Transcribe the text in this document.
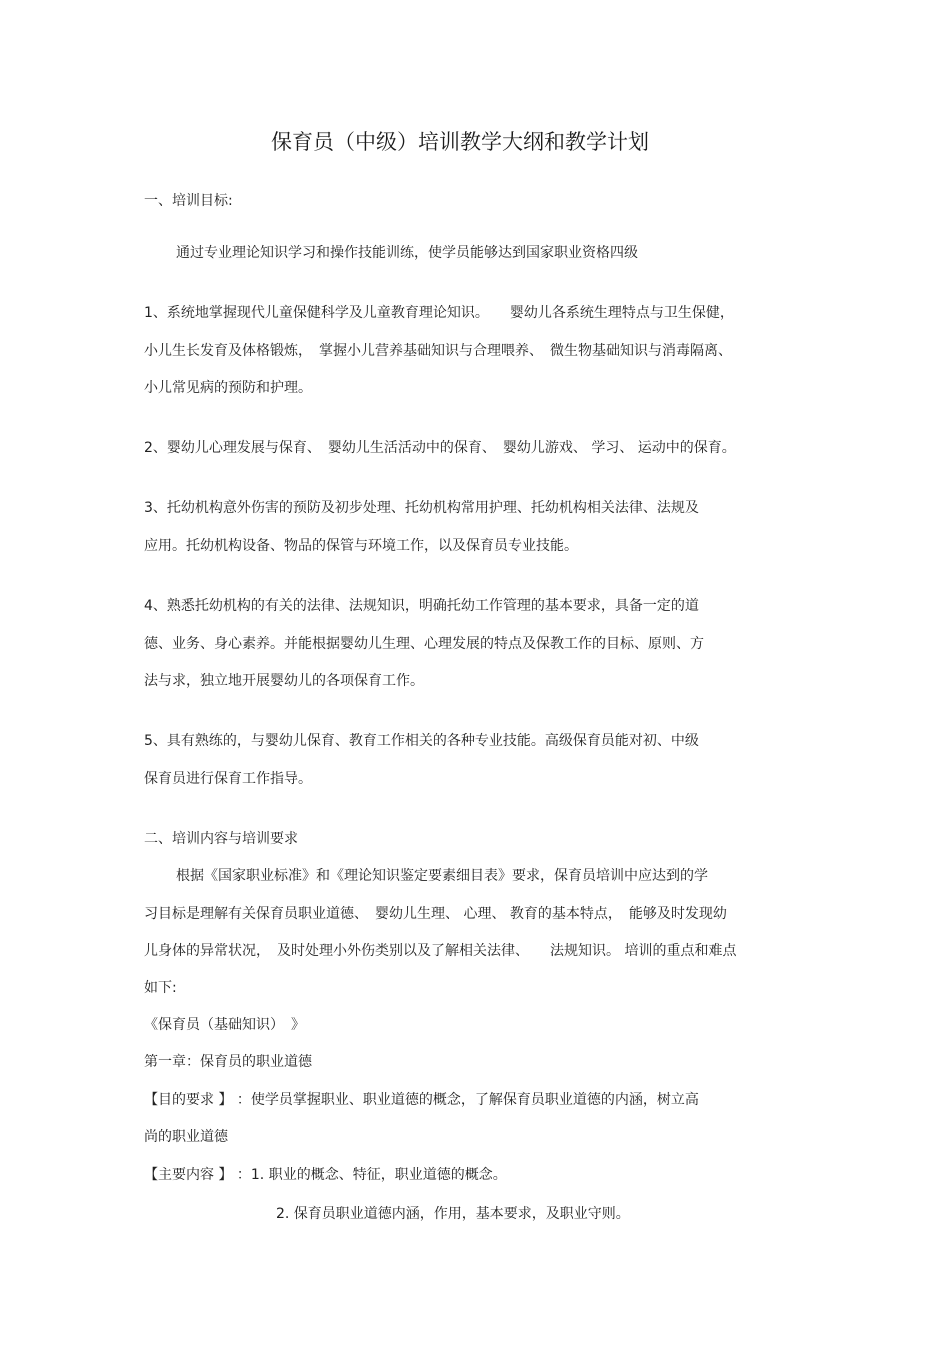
保育员（中级）培训教学大纲和教学计划
一、培训目标:
通过专业理论知识学习和操作技能训练，使学员能够达到国家职业资格四级
1、系统地掌握现代儿童保健科学及儿童教育理论知识。　　婴幼儿各系统生理特点与卫生保健，
小儿生长发育及体格锻炼，　掌握小儿营养基础知识与合理喂养、　微生物基础知识与消毒隔离、
小儿常见病的预防和护理。
2、婴幼儿心理发展与保育、　婴幼儿生活活动中的保育、　婴幼儿游戏、 学习、 运动中的保育。
3、托幼机构意外伤害的预防及初步处理、托幼机构常用护理、托幼机构相关法律、法规及
应用。托幼机构设备、物品的保管与环境工作，以及保育员专业技能。
4、熟悉托幼机构的有关的法律、法规知识，明确托幼工作管理的基本要求，具备一定的道
德、业务、身心素养。并能根据婴幼儿生理、心理发展的特点及保教工作的目标、原则、方
法与求，独立地开展婴幼儿的各项保育工作。
5、具有熟练的，与婴幼儿保育、教育工作相关的各种专业技能。高级保育员能对初、中级
保育员进行保育工作指导。
二、培训内容与培训要求
根据《国家职业标准》和《理论知识鉴定要素细目表》要求，保育员培训中应达到的学
习目标是理解有关保育员职业道德、　婴幼儿生理、 心理、 教育的基本特点，　能够及时发现幼
儿身体的异常状况，　及时处理小外伤类别以及了解相关法律、　　法规知识。 培训的重点和难点
如下:
《保育员（基础知识）　》
第一章：保育员的职业道德
【目的要求 】 ：使学员掌握职业、职业道德的概念，了解保育员职业道德的内涵，树立高
尚的职业道德
【主要内容 】 ：1. 职业的概念、特征，职业道德的概念。
2. 保育员职业道德内涵，作用，基本要求，及职业守则。
